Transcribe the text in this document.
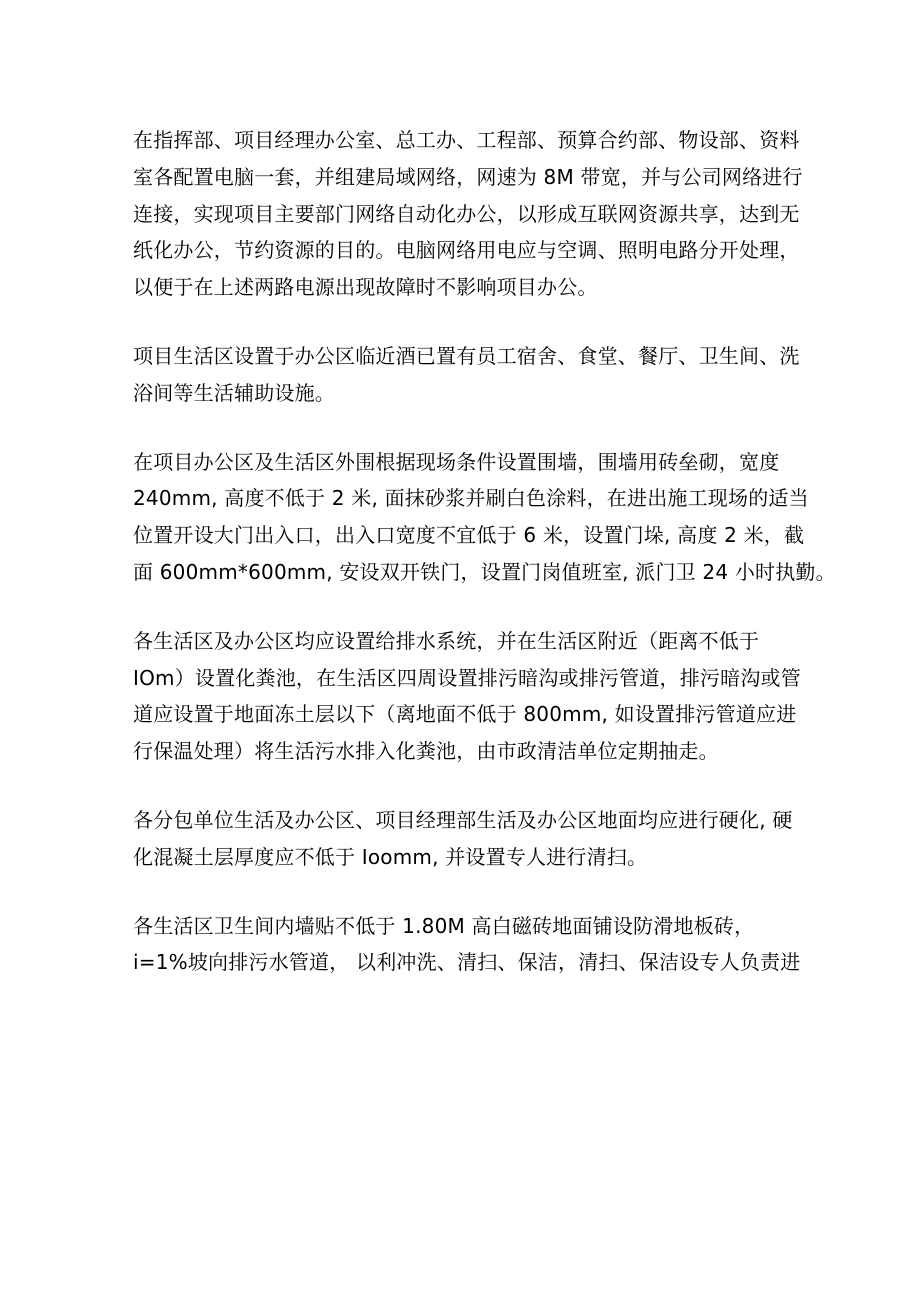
在指挥部、项目经理办公室、总工办、工程部、预算合约部、物设部、资料
室各配置电脑一套，并组建局域网络，网速为 8M 带宽，并与公司网络进行
连接，实现项目主要部门网络自动化办公，以形成互联网资源共享，达到无
纸化办公，节约资源的目的。电脑网络用电应与空调、照明电路分开处理，
以便于在上述两路电源出现故障时不影响项目办公。

项目生活区设置于办公区临近酒已置有员工宿舍、食堂、餐厅、卫生间、洗
浴间等生活辅助设施。

在项目办公区及生活区外围根据现场条件设置围墙，围墙用砖垒砌，宽度
240mm, 高度不低于 2 米, 面抹砂浆并刷白色涂料，在进出施工现场的适当
位置开设大门出入口，出入口宽度不宜低于 6 米，设置门垛, 高度 2 米，截
面 600mm*600mm, 安设双开铁门，设置门岗值班室, 派门卫 24 小时执勤。

各生活区及办公区均应设置给排水系统，并在生活区附近（距离不低于
IOm）设置化粪池，在生活区四周设置排污暗沟或排污管道，排污暗沟或管
道应设置于地面冻土层以下（离地面不低于 800mm, 如设置排污管道应进
行保温处理）将生活污水排入化粪池，由市政清洁单位定期抽走。

各分包单位生活及办公区、项目经理部生活及办公区地面均应进行硬化, 硬
化混凝土层厚度应不低于 Ioomm, 并设置专人进行清扫。

各生活区卫生间内墙贴不低于 1.80M 高白磁砖地面铺设防滑地板砖，
i=1%坡向排污水管道， 以利冲洗、清扫、保洁，清扫、保洁设专人负责进
